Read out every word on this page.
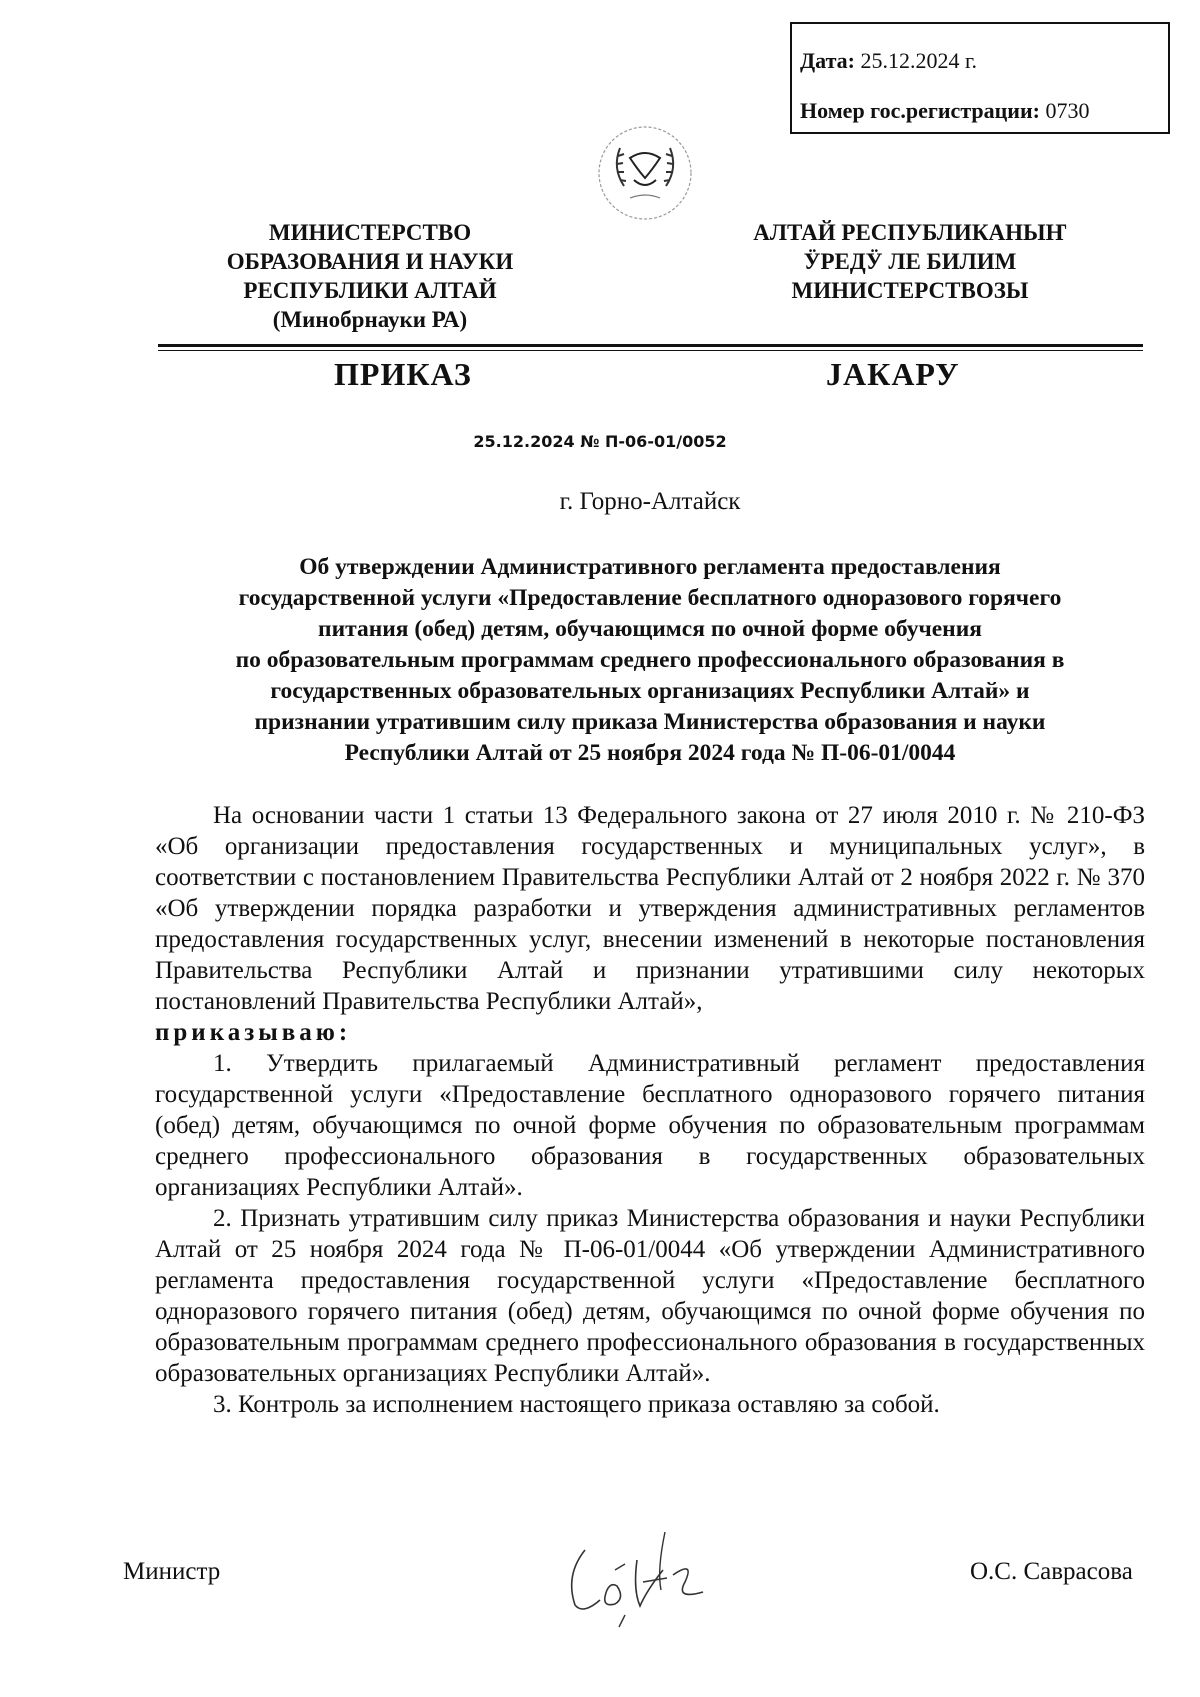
Дата: 25.12.2024 г.
Номер гос.регистрации: 0730
МИНИСТЕРСТВО
ОБРАЗОВАНИЯ И НАУКИ
РЕСПУБЛИКИ АЛТАЙ
(Минобрнауки РА)
АЛТАЙ РЕСПУБЛИКАНЫҤ
ӰРЕДӰ ЛЕ БИЛИМ
МИНИСТЕРСТВОЗЫ
ПРИКАЗ	ЈАКАРУ
25.12.2024 № П-06-01/0052
г. Горно-Алтайск
Об утверждении Административного регламента предоставления
государственной услуги «Предоставление бесплатного одноразового горячего
питания (обед) детям, обучающимся по очной форме обучения
по образовательным программам среднего профессионального образования в
государственных образовательных организациях Республики Алтай» и
признании утратившим силу приказа Министерства образования и науки
Республики Алтай от 25 ноября 2024 года № П-06-01/0044

На основании части 1 статьи 13 Федерального закона от 27 июля 2010 г. № 210-ФЗ «Об организации предоставления государственных и муниципальных услуг», в соответствии с постановлением Правительства Республики Алтай от 2 ноября 2022 г. № 370 «Об утверждении порядка разработки и утверждения административных регламентов предоставления государственных услуг, внесении изменений в некоторые постановления Правительства Республики Алтай и признании утратившими силу некоторых постановлений Правительства Республики Алтай»,

приказываю:

1. Утвердить прилагаемый Административный регламент предоставления государственной услуги «Предоставление бесплатного одноразового горячего питания (обед) детям, обучающимся по очной форме обучения по образовательным программам среднего профессионального образования в государственных образовательных организациях Республики Алтай».

2. Признать утратившим силу приказ Министерства образования и науки Республики Алтай от 25 ноября 2024 года № П-06-01/0044 «Об утверждении Административного регламента предоставления государственной услуги «Предоставление бесплатного одноразового горячего питания (обед) детям, обучающимся по очной форме обучения по образовательным программам среднего профессионального образования в государственных образовательных организациях Республики Алтай».

3. Контроль за исполнением настоящего приказа оставляю за собой.

Министр	О.С. Саврасова
